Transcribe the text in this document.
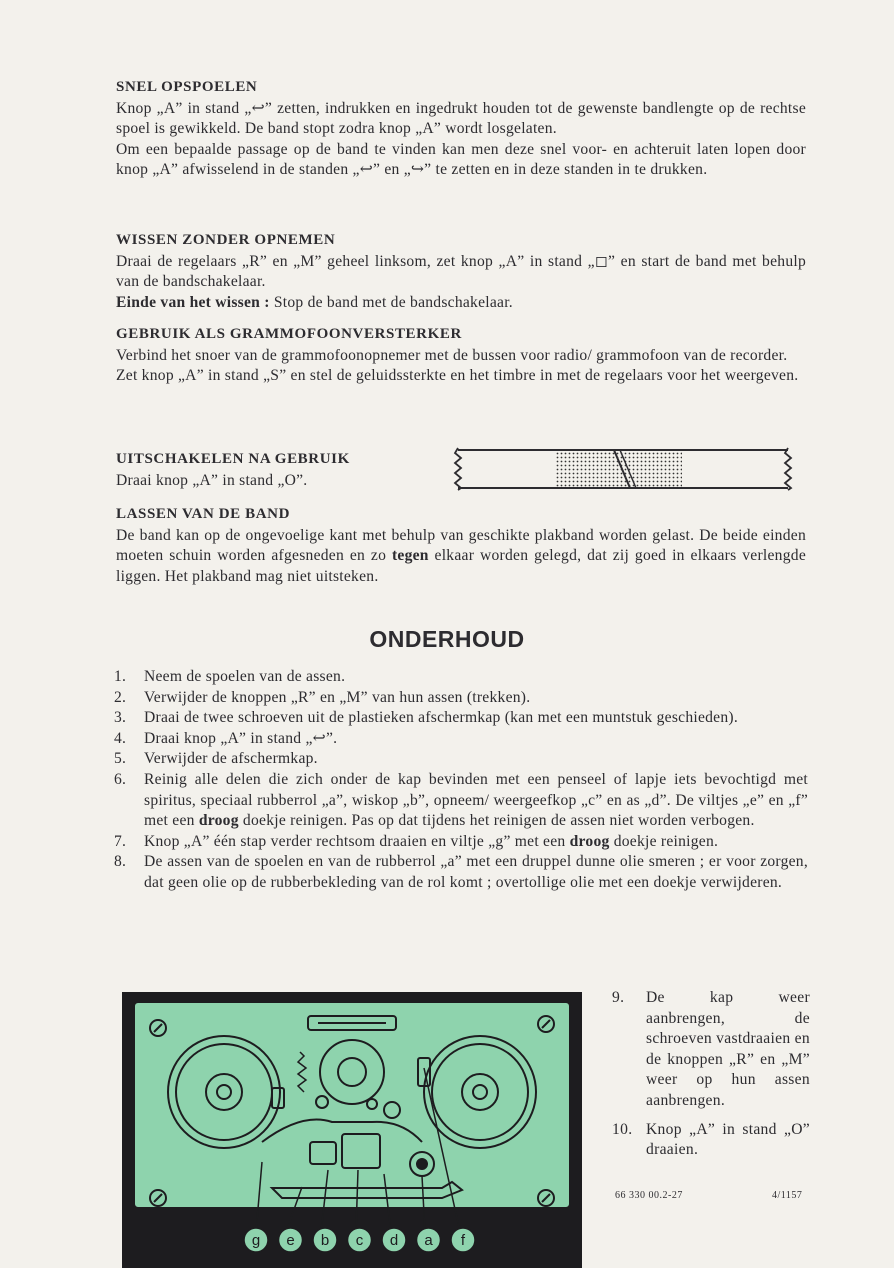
SNEL OPSPOELEN

Knop „A” in stand „↩” zetten, indrukken en ingedrukt houden tot de gewenste bandlengte op de rechtse spoel is gewikkeld. De band stopt zodra knop „A” wordt losgelaten.

Om een bepaalde passage op de band te vinden kan men deze snel voor- en achteruit laten lopen door knop „A” afwisselend in de standen „↩” en „↪” te zetten en in deze standen in te drukken.

WISSEN ZONDER OPNEMEN

Draai de regelaars „R” en „M” geheel linksom, zet knop „A” in stand „◻” en start de band met behulp van de bandschakelaar.

Einde van het wissen : Stop de band met de bandschakelaar.

GEBRUIK ALS GRAMMOFOONVERSTERKER

Verbind het snoer van de grammofoonopnemer met de bussen voor radio/ grammofoon van de recorder.

Zet knop „A” in stand „S” en stel de geluidssterkte en het timbre in met de regelaars voor het weergeven.

UITSCHAKELEN NA GEBRUIK

Draai knop „A” in stand „O”.

LASSEN VAN DE BAND

De band kan op de ongevoelige kant met behulp van geschikte plakband worden gelast. De beide einden moeten schuin worden afgesneden en zo tegen elkaar worden gelegd, dat zij goed in elkaars verlengde liggen. Het plakband mag niet uitsteken.

ONDERHOUD
1. Neem de spoelen van de assen.
2. Verwijder de knoppen „R” en „M” van hun assen (trekken).
3. Draai de twee schroeven uit de plastieken afschermkap (kan met een muntstuk geschieden).
4. Draai knop „A” in stand „↩”.
5. Verwijder de afschermkap.
6. Reinig alle delen die zich onder de kap bevinden met een penseel of lapje iets bevochtigd met spiritus, speciaal rubberrol „a”, wiskop „b”, opneem/ weergeefkop „c” en as „d”. De viltjes „e” en „f” met een droog doekje reinigen. Pas op dat tijdens het reinigen de assen niet worden verbogen.
7. Knop „A” één stap verder rechtsom draaien en viltje „g” met een droog doekje reinigen.
8. De assen van de spoelen en van de rubberrol „a” met een druppel dunne olie smeren ; er voor zorgen, dat geen olie op de rubberbekleding van de rol komt ; overtollige olie met een doekje verwijderen.
g e b c d a f
9. De kap weer aanbrengen, de schroeven vastdraaien en de knoppen „R” en „M” weer op hun assen aanbrengen.
10. Knop „A” in stand „O” draaien.
66 330 00.2-27	4/1157
